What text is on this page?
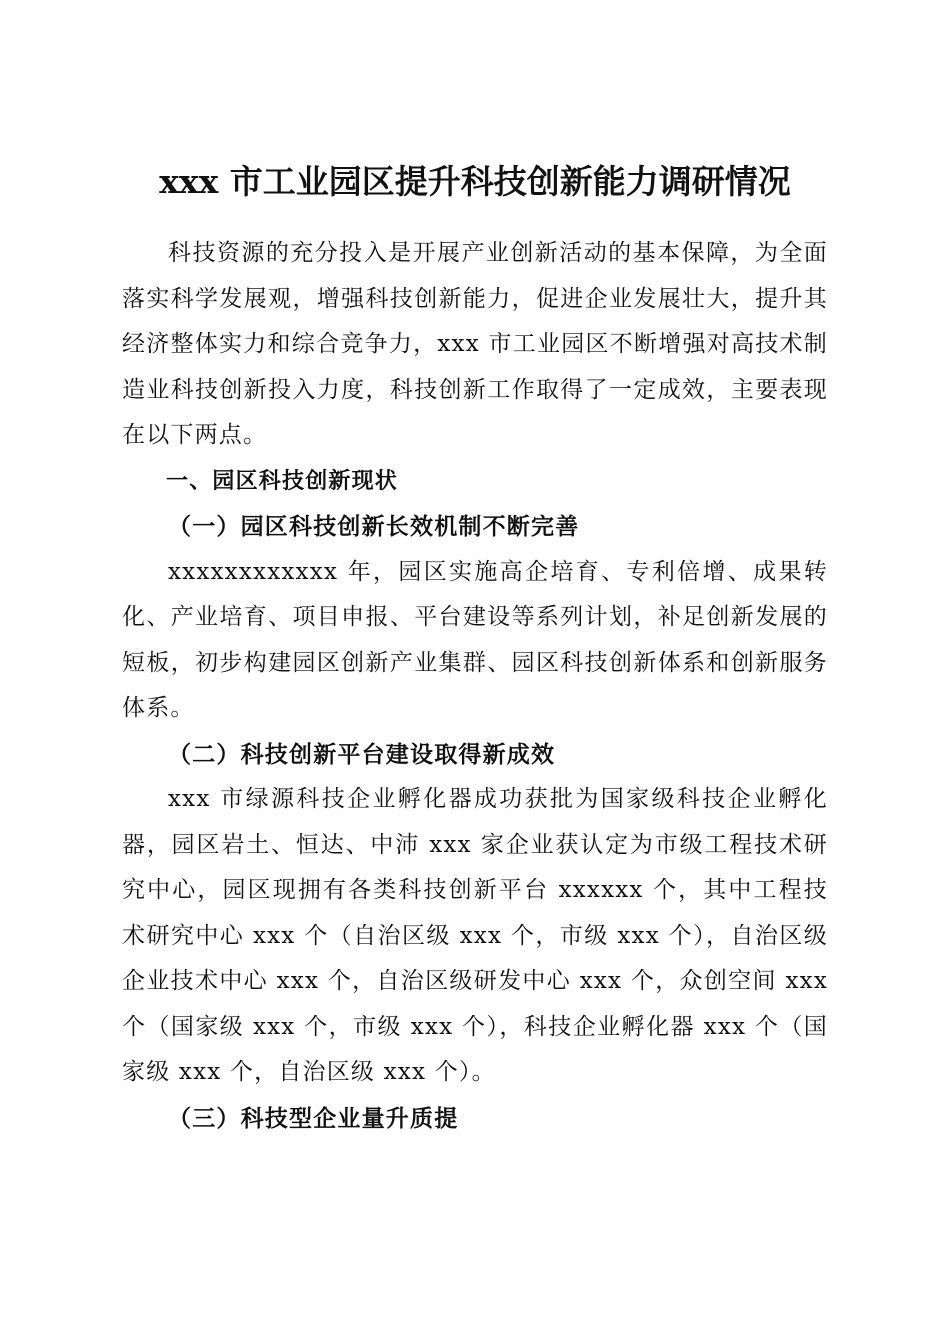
xxx 市工业园区提升科技创新能力调研情况

科技资源的充分投入是开展产业创新活动的基本保障，为全面落实科学发展观，增强科技创新能力，促进企业发展壮大，提升其经济整体实力和综合竞争力，xxx 市工业园区不断增强对高技术制造业科技创新投入力度，科技创新工作取得了一定成效，主要表现在以下两点。

一、园区科技创新现状

（一）园区科技创新长效机制不断完善

xxxxxxxxxxxx 年，园区实施高企培育、专利倍增、成果转化、产业培育、项目申报、平台建设等系列计划，补足创新发展的短板，初步构建园区创新产业集群、园区科技创新体系和创新服务体系。

（二）科技创新平台建设取得新成效

xxx 市绿源科技企业孵化器成功获批为国家级科技企业孵化器，园区岩土、恒达、中沛 xxx 家企业获认定为市级工程技术研究中心，园区现拥有各类科技创新平台 xxxxxx 个，其中工程技术研究中心 xxx 个（自治区级 xxx 个，市级 xxx 个），自治区级企业技术中心 xxx 个，自治区级研发中心 xxx 个，众创空间 xxx 个（国家级 xxx 个，市级 xxx 个），科技企业孵化器 xxx 个（国家级 xxx 个，自治区级 xxx 个）。

（三）科技型企业量升质提
